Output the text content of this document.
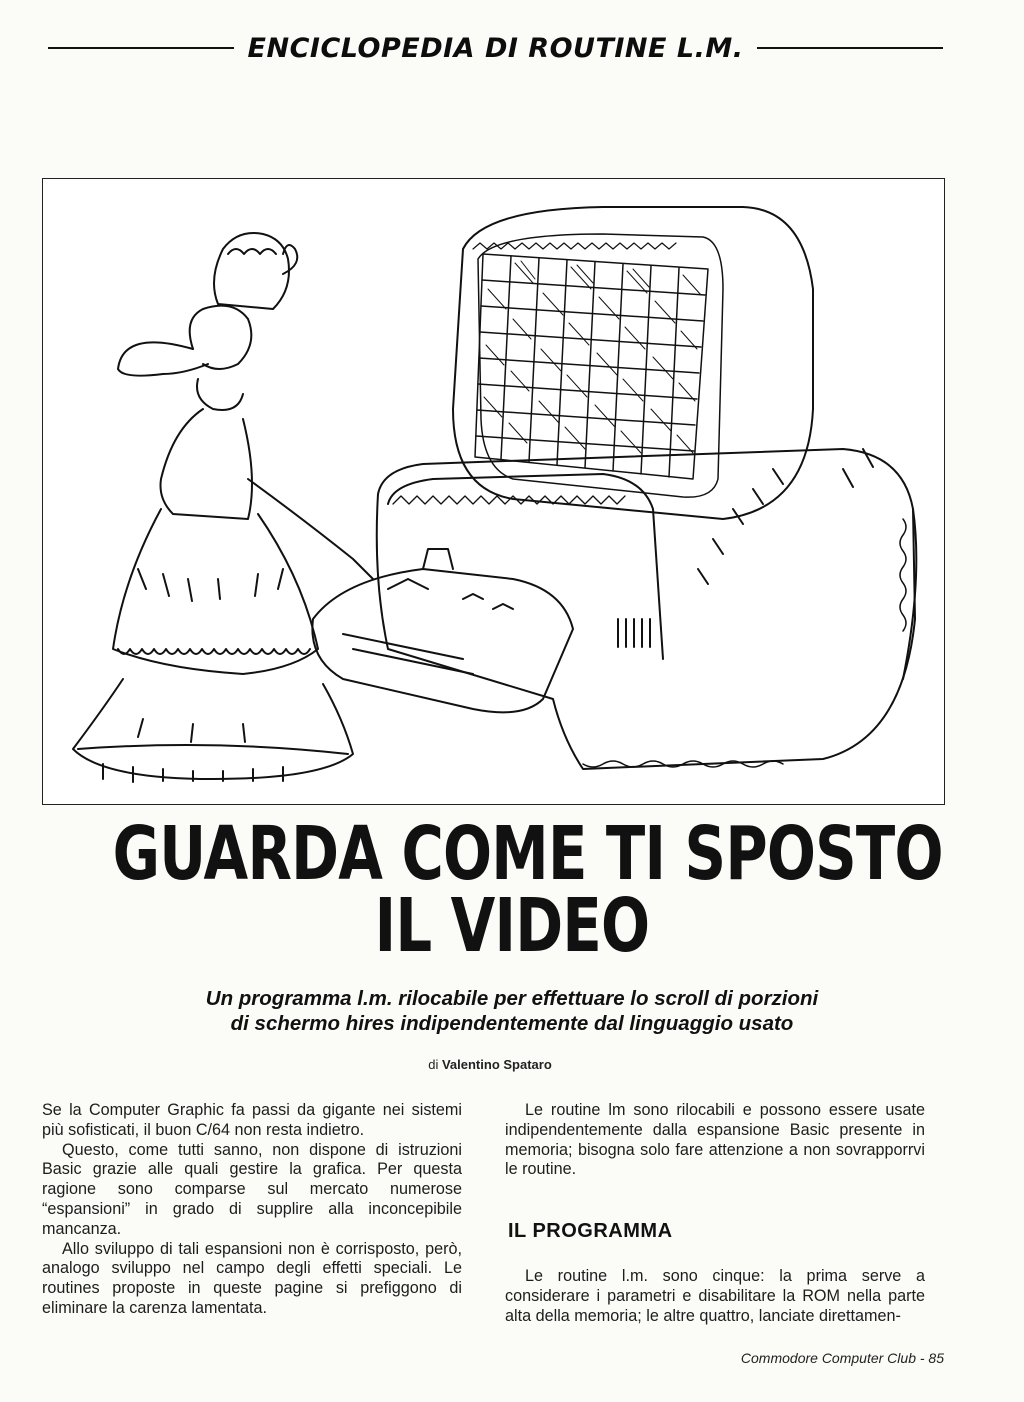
ENCICLOPEDIA DI ROUTINE L.M.
GUARDA COME TI SPOSTO
IL VIDEO
Un programma l.m. rilocabile per effettuare lo scroll di porzioni
di schermo hires indipendentemente dal linguaggio usato
di Valentino Spataro

Se la Computer Graphic fa passi da gigante nei sistemi più sofisticati, il buon C/64 non resta indietro.

Questo, come tutti sanno, non dispone di istruzioni Basic grazie alle quali gestire la grafica. Per questa ragione sono comparse sul mercato numerose “espansioni” in grado di supplire alla inconcepibile mancanza.

Allo sviluppo di tali espansioni non è corrisposto, però, analogo sviluppo nel campo degli effetti speciali. Le routines proposte in queste pagine si prefiggono di eliminare la carenza lamentata.

Le routine lm sono rilocabili e possono essere usate indipendentemente dalla espansione Basic presente in memoria; bisogna solo fare attenzione a non sovrapporrvi le routine.

IL PROGRAMMA

Le routine l.m. sono cinque: la prima serve a considerare i parametri e disabilitare la ROM nella parte alta della memoria; le altre quattro, lanciate direttamen-

Commodore Computer Club - 85
